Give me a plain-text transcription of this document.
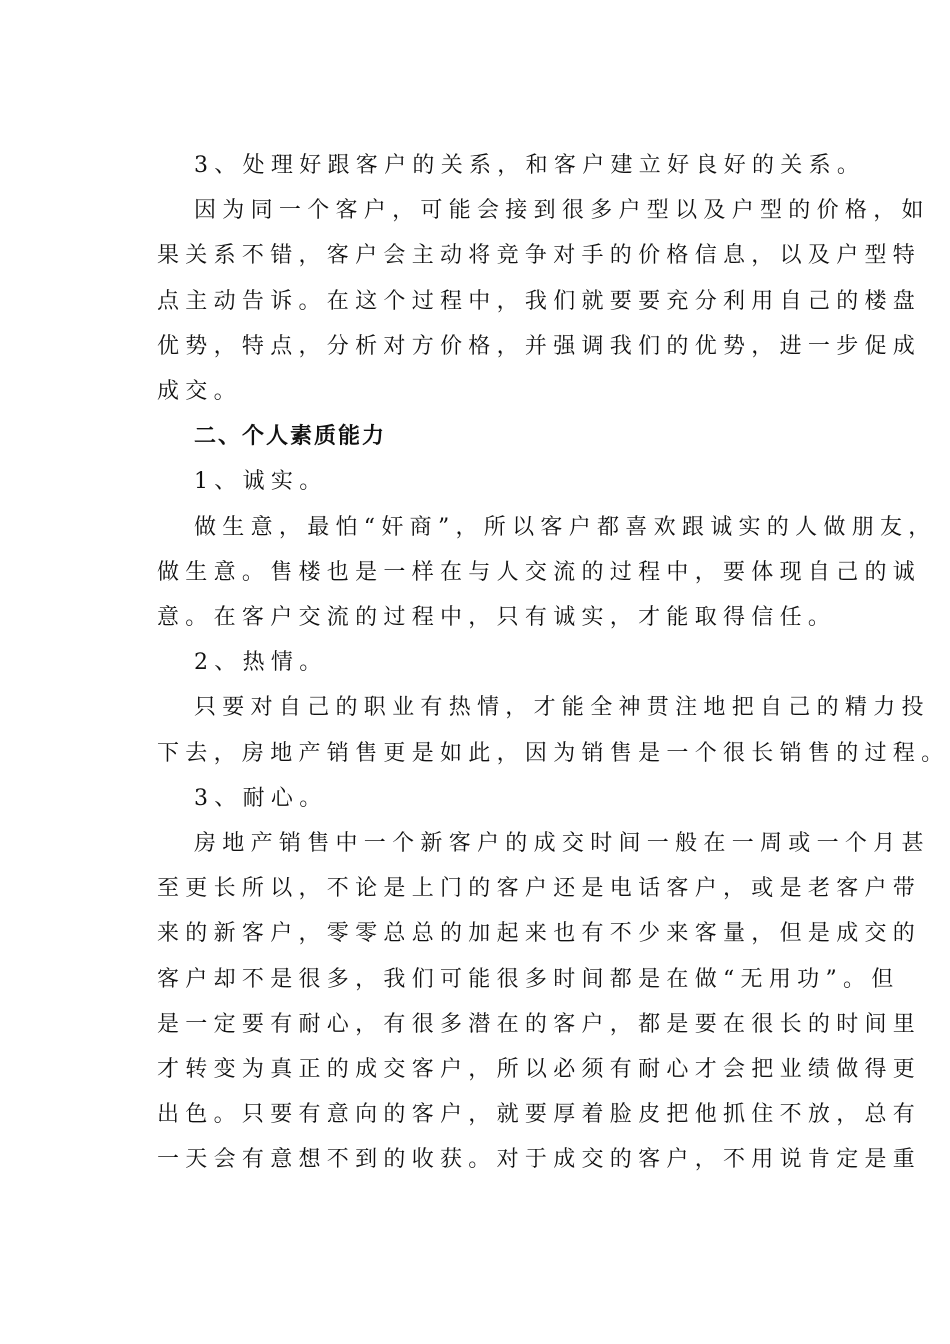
3、处理好跟客户的关系，和客户建立好良好的关系。
因为同一个客户，可能会接到很多户型以及户型的价格，如
果关系不错，客户会主动将竞争对手的价格信息，以及户型特
点主动告诉。在这个过程中，我们就要要充分利用自己的楼盘
优势，特点，分析对方价格，并强调我们的优势，进一步促成
成交。
二、个人素质能力
1、诚实。
做生意，最怕“奸商”，所以客户都喜欢跟诚实的人做朋友，
做生意。售楼也是一样在与人交流的过程中，要体现自己的诚
意。在客户交流的过程中，只有诚实，才能取得信任。
2、热情。
只要对自己的职业有热情，才能全神贯注地把自己的精力投
下去，房地产销售更是如此，因为销售是一个很长销售的过程。
3、耐心。
房地产销售中一个新客户的成交时间一般在一周或一个月甚
至更长所以，不论是上门的客户还是电话客户，或是老客户带
来的新客户，零零总总的加起来也有不少来客量，但是成交的
客户却不是很多，我们可能很多时间都是在做“无用功”。但
是一定要有耐心，有很多潜在的客户，都是要在很长的时间里
才转变为真正的成交客户，所以必须有耐心才会把业绩做得更
出色。只要有意向的客户，就要厚着脸皮把他抓住不放，总有
一天会有意想不到的收获。对于成交的客户，不用说肯定是重
